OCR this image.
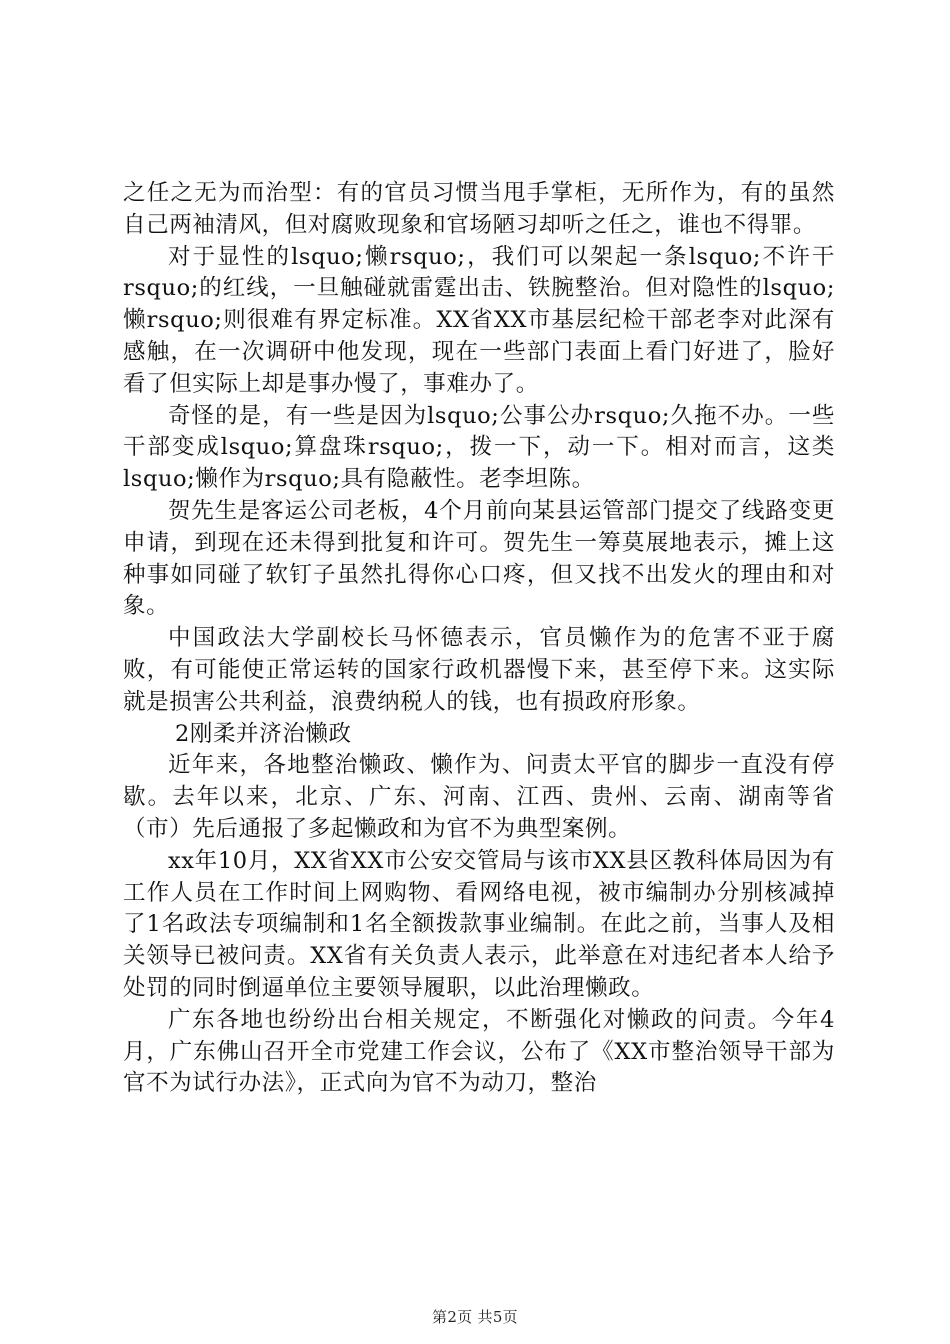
之任之无为而治型：有的官员习惯当甩手掌柜，无所作为，有的虽然自己两袖清风，但对腐败现象和官场陋习却听之任之，谁也不得罪。

对于显性的lsquo;懒rsquo;，我们可以架起一条lsquo;不许干rsquo;的红线，一旦触碰就雷霆出击、铁腕整治。但对隐性的lsquo;懒rsquo;则很难有界定标准。XX省XX市基层纪检干部老李对此深有感触，在一次调研中他发现，现在一些部门表面上看门好进了，脸好看了但实际上却是事办慢了，事难办了。

奇怪的是，有一些是因为lsquo;公事公办rsquo;久拖不办。一些干部变成lsquo;算盘珠rsquo;，拨一下，动一下。相对而言，这类lsquo;懒作为rsquo;具有隐蔽性。老李坦陈。

贺先生是客运公司老板，4个月前向某县运管部门提交了线路变更申请，到现在还未得到批复和许可。贺先生一筹莫展地表示，摊上这种事如同碰了软钉子虽然扎得你心口疼，但又找不出发火的理由和对象。

中国政法大学副校长马怀德表示，官员懒作为的危害不亚于腐败，有可能使正常运转的国家行政机器慢下来，甚至停下来。这实际就是损害公共利益，浪费纳税人的钱，也有损政府形象。

2刚柔并济治懒政

近年来，各地整治懒政、懒作为、问责太平官的脚步一直没有停歇。去年以来，北京、广东、河南、江西、贵州、云南、湖南等省（市）先后通报了多起懒政和为官不为典型案例。

xx年10月，XX省XX市公安交管局与该市XX县区教科体局因为有工作人员在工作时间上网购物、看网络电视，被市编制办分别核减掉了1名政法专项编制和1名全额拨款事业编制。在此之前，当事人及相关领导已被问责。XX省有关负责人表示，此举意在对违纪者本人给予处罚的同时倒逼单位主要领导履职，以此治理懒政。

广东各地也纷纷出台相关规定，不断强化对懒政的问责。今年4月，广东佛山召开全市党建工作会议，公布了《XX市整治领导干部为官不为试行办法》，正式向为官不为动刀，整治

第2页 共5页
